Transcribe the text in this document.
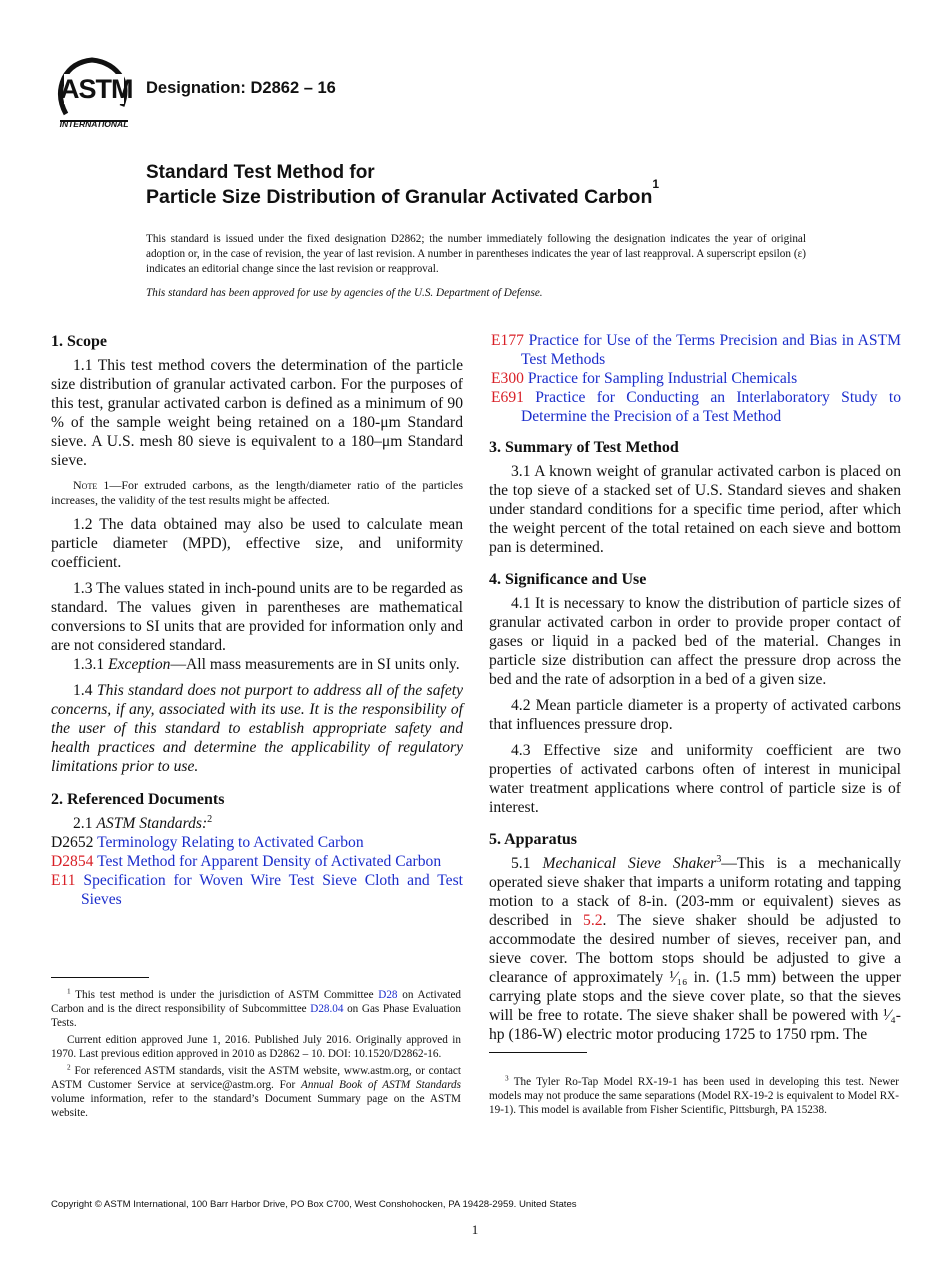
ASTM
INTERNATIONAL
Designation: D2862 – 16
Standard Test Method for
Particle Size Distribution of Granular Activated Carbon$^1$
This standard is issued under the fixed designation D2862; the number immediately following the designation indicates the year of original adoption or, in the case of revision, the year of last revision. A number in parentheses indicates the year of last reapproval. A superscript epsilon (ε) indicates an editorial change since the last revision or reapproval.
This standard has been approved for use by agencies of the U.S. Department of Defense.
1. Scope

1.1 This test method covers the determination of the particle size distribution of granular activated carbon. For the purposes of this test, granular activated carbon is defined as a minimum of 90 % of the sample weight being retained on a 180-μm Standard sieve. A U.S. mesh 80 sieve is equivalent to a 180–μm Standard sieve.

Note 1—For extruded carbons, as the length/diameter ratio of the particles increases, the validity of the test results might be affected.

1.2 The data obtained may also be used to calculate mean particle diameter (MPD), effective size, and uniformity coefficient.

1.3 The values stated in inch-pound units are to be regarded as standard. The values given in parentheses are mathematical conversions to SI units that are provided for information only and are not considered standard.

1.3.1 Exception—All mass measurements are in SI units only.

1.4 This standard does not purport to address all of the safety concerns, if any, associated with its use. It is the responsibility of the user of this standard to establish appropriate safety and health practices and determine the applicability of regulatory limitations prior to use.

2. Referenced Documents

2.1 ASTM Standards:$^2$

D2652 Terminology Relating to Activated Carbon

D2854 Test Method for Apparent Density of Activated Carbon

E11 Specification for Woven Wire Test Sieve Cloth and Test Sieves

E177 Practice for Use of the Terms Precision and Bias in ASTM Test Methods

E300 Practice for Sampling Industrial Chemicals

E691 Practice for Conducting an Interlaboratory Study to Determine the Precision of a Test Method

3. Summary of Test Method

3.1 A known weight of granular activated carbon is placed on the top sieve of a stacked set of U.S. Standard sieves and shaken under standard conditions for a specific time period, after which the weight percent of the total retained on each sieve and bottom pan is determined.

4. Significance and Use

4.1 It is necessary to know the distribution of particle sizes of granular activated carbon in order to provide proper contact of gases or liquid in a packed bed of the material. Changes in particle size distribution can affect the pressure drop across the bed and the rate of adsorption in a bed of a given size.

4.2 Mean particle diameter is a property of activated carbons that influences pressure drop.

4.3 Effective size and uniformity coefficient are two properties of activated carbons often of interest in municipal water treatment applications where control of particle size is of interest.

5. Apparatus

5.1 Mechanical Sieve Shaker$^3$—This is a mechanically operated sieve shaker that imparts a uniform rotating and tapping motion to a stack of 8-in. (203-mm or equivalent) sieves as described in 5.2. The sieve shaker should be adjusted to accommodate the desired number of sieves, receiver pan, and sieve cover. The bottom stops should be adjusted to give a clearance of approximately ¹⁄₁₆ in. (1.5 mm) between the upper carrying plate stops and the sieve cover plate, so that the sieves will be free to rotate. The sieve shaker shall be powered with ¹⁄₄-hp (186-W) electric motor producing 1725 to 1750 rpm. The

$^1$ This test method is under the jurisdiction of ASTM Committee D28 on Activated Carbon and is the direct responsibility of Subcommittee D28.04 on Gas Phase Evaluation Tests.

Current edition approved June 1, 2016. Published July 2016. Originally approved in 1970. Last previous edition approved in 2010 as D2862 – 10. DOI: 10.1520/D2862-16.

$^2$ For referenced ASTM standards, visit the ASTM website, www.astm.org, or contact ASTM Customer Service at service@astm.org. For Annual Book of ASTM Standards volume information, refer to the standard’s Document Summary page on the ASTM website.

$^3$ The Tyler Ro-Tap Model RX-19-1 has been used in developing this test. Newer models may not produce the same separations (Model RX-19-2 is equivalent to Model RX-19-1). This model is available from Fisher Scientific, Pittsburgh, PA 15238.

Copyright © ASTM International, 100 Barr Harbor Drive, PO Box C700, West Conshohocken, PA 19428-2959. United States
1
